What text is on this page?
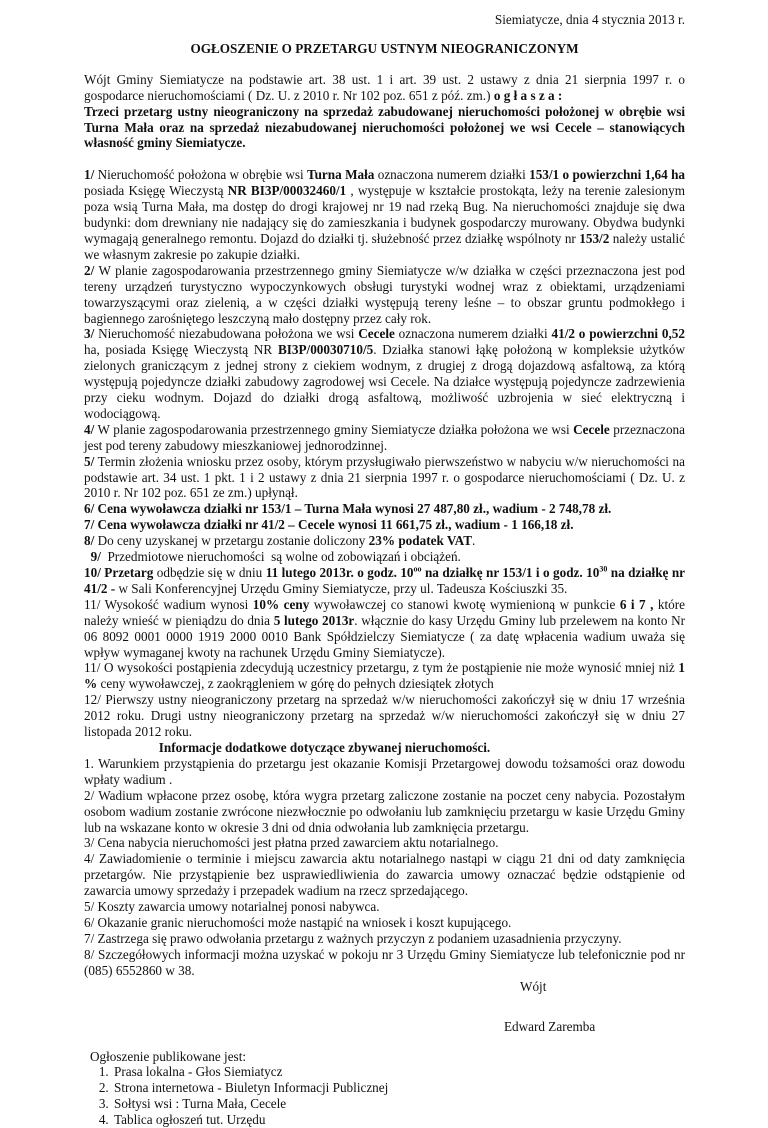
Siemiatycze, dnia 4 stycznia 2013 r.
OGŁOSZENIE O PRZETARGU USTNYM NIEOGRANICZONYM

Wójt Gminy Siemiatycze na podstawie art. 38 ust. 1 i art. 39 ust. 2 ustawy z dnia 21 sierpnia 1997 r. o gospodarce nieruchomościami ( Dz. U. z 2010 r. Nr 102 poz. 651 z póź. zm.) o g ł a s z a :
Trzeci przetarg ustny nieograniczony na sprzedaż zabudowanej nieruchomości położonej w obrębie wsi Turna Mała oraz na sprzedaż niezabudowanej nieruchomości położonej we wsi Cecele – stanowiących własność gminy Siemiatycze.

1/ Nieruchomość położona w obrębie wsi Turna Mała oznaczona numerem działki 153/1 o powierzchni 1,64 ha posiada Księgę Wieczystą NR BI3P/00032460/1 , występuje w kształcie prostokąta, leży na terenie zalesionym poza wsią Turna Mała, ma dostęp do drogi krajowej nr 19 nad rzeką Bug. Na nieruchomości znajduje się dwa budynki: dom drewniany nie nadający się do zamieszkania i budynek gospodarczy murowany. Obydwa budynki wymagają generalnego remontu. Dojazd do działki tj. służebność przez działkę wspólnoty nr 153/2 należy ustalić we własnym zakresie po zakupie działki.

2/ W planie zagospodarowania przestrzennego gminy Siemiatycze w/w działka w części przeznaczona jest pod tereny urządzeń turystyczno wypoczynkowych obsługi turystyki wodnej wraz z obiektami, urządzeniami towarzyszącymi oraz zielenią, a w części działki występują tereny leśne – to obszar gruntu podmokłego i bagiennego zarośniętego leszczyną mało dostępny przez cały rok.

3/ Nieruchomość niezabudowana położona we wsi Cecele oznaczona numerem działki 41/2 o powierzchni 0,52 ha, posiada Księgę Wieczystą NR BI3P/00030710/5. Działka stanowi łąkę położoną w kompleksie użytków zielonych graniczącym z jednej strony z ciekiem wodnym, z drugiej z drogą dojazdową asfaltową, za którą występują pojedyncze działki zabudowy zagrodowej wsi Cecele. Na działce występują pojedyncze zadrzewienia przy cieku wodnym. Dojazd do działki drogą asfaltową, możliwość uzbrojenia w sieć elektryczną i wodociągową.

4/ W planie zagospodarowania przestrzennego gminy Siemiatycze działka położona we wsi Cecele przeznaczona jest pod tereny zabudowy mieszkaniowej jednorodzinnej.

5/ Termin złożenia wniosku przez osoby, którym przysługiwało pierwszeństwo w nabyciu w/w nieruchomości na podstawie art. 34 ust. 1 pkt. 1 i 2 ustawy z dnia 21 sierpnia 1997 r. o gospodarce nieruchomościami ( Dz. U. z 2010 r. Nr 102 poz. 651 ze zm.) upłynął.

6/ Cena wywoławcza działki nr 153/1 – Turna Mała wynosi 27 487,80 zł., wadium - 2 748,78 zł.

7/ Cena wywoławcza działki nr 41/2 – Cecele wynosi 11 661,75 zł., wadium - 1 166,18 zł.

8/ Do ceny uzyskanej w przetargu zostanie doliczony 23% podatek VAT.

9/  Przedmiotowe nieruchomości  są wolne od zobowiązań i obciążeń.

10/ Przetarg odbędzie się w dniu 11 lutego 2013r. o godz. $10^{oo}$ na działkę nr 153/1 i o godz. $10^{30}$ na działkę nr 41/2 - w Sali Konferencyjnej Urzędu Gminy Siemiatycze, przy ul. Tadeusza Kościuszki 35.

11/ Wysokość wadium wynosi 10% ceny wywoławczej co stanowi kwotę wymienioną w punkcie 6 i 7 , które należy wnieść w pieniądzu do dnia 5 lutego 2013r. włącznie do kasy Urzędu Gminy lub przelewem na konto Nr 06 8092 0001 0000 1919 2000 0010 Bank Spółdzielczy Siemiatycze ( za datę wpłacenia wadium uważa się wpływ wymaganej kwoty na rachunek Urzędu Gminy Siemiatycze).

11/ O wysokości postąpienia zdecydują uczestnicy przetargu, z tym że postąpienie nie może wynosić mniej niż 1 % ceny wywoławczej, z zaokrągleniem w górę do pełnych dziesiątek złotych

12/ Pierwszy ustny nieograniczony przetarg na sprzedaż w/w nieruchomości zakończył się w dniu 17 września 2012 roku. Drugi ustny nieograniczony przetarg na sprzedaż w/w nieruchomości zakończył się w dniu 27 listopada 2012 roku.

Informacje dodatkowe dotyczące zbywanej nieruchomości.

1. Warunkiem przystąpienia do przetargu jest okazanie Komisji Przetargowej dowodu tożsamości oraz dowodu wpłaty wadium .

2/ Wadium wpłacone przez osobę, która wygra przetarg zaliczone zostanie na poczet ceny nabycia. Pozostałym osobom wadium zostanie zwrócone niezwłocznie po odwołaniu lub zamknięciu przetargu w kasie Urzędu Gminy lub na wskazane konto w okresie 3 dni od dnia odwołania lub zamknięcia przetargu.

3/ Cena nabycia nieruchomości jest płatna przed zawarciem aktu notarialnego.

4/ Zawiadomienie o terminie i miejscu zawarcia aktu notarialnego nastąpi w ciągu 21 dni od daty zamknięcia przetargów. Nie przystąpienie bez usprawiedliwienia do zawarcia umowy oznaczać będzie odstąpienie od zawarcia umowy sprzedaży i przepadek wadium na rzecz sprzedającego.

5/ Koszty zawarcia umowy notarialnej ponosi nabywca.

6/ Okazanie granic nieruchomości może nastąpić na wniosek i koszt kupującego.

7/ Zastrzega się prawo odwołania przetargu z ważnych przyczyn z podaniem uzasadnienia przyczyny.

8/ Szczegółowych informacji można uzyskać w pokoju nr 3 Urzędu Gminy Siemiatycze lub telefonicznie pod nr (085) 6552860 w 38.

Wójt
Edward Zaremba
Ogłoszenie publikowane jest:
1. Prasa lokalna - Głos Siemiatycz
2. Strona internetowa - Biuletyn Informacji Publicznej
3. Sołtysi wsi : Turna Mała, Cecele
4. Tablica ogłoszeń tut. Urzędu
